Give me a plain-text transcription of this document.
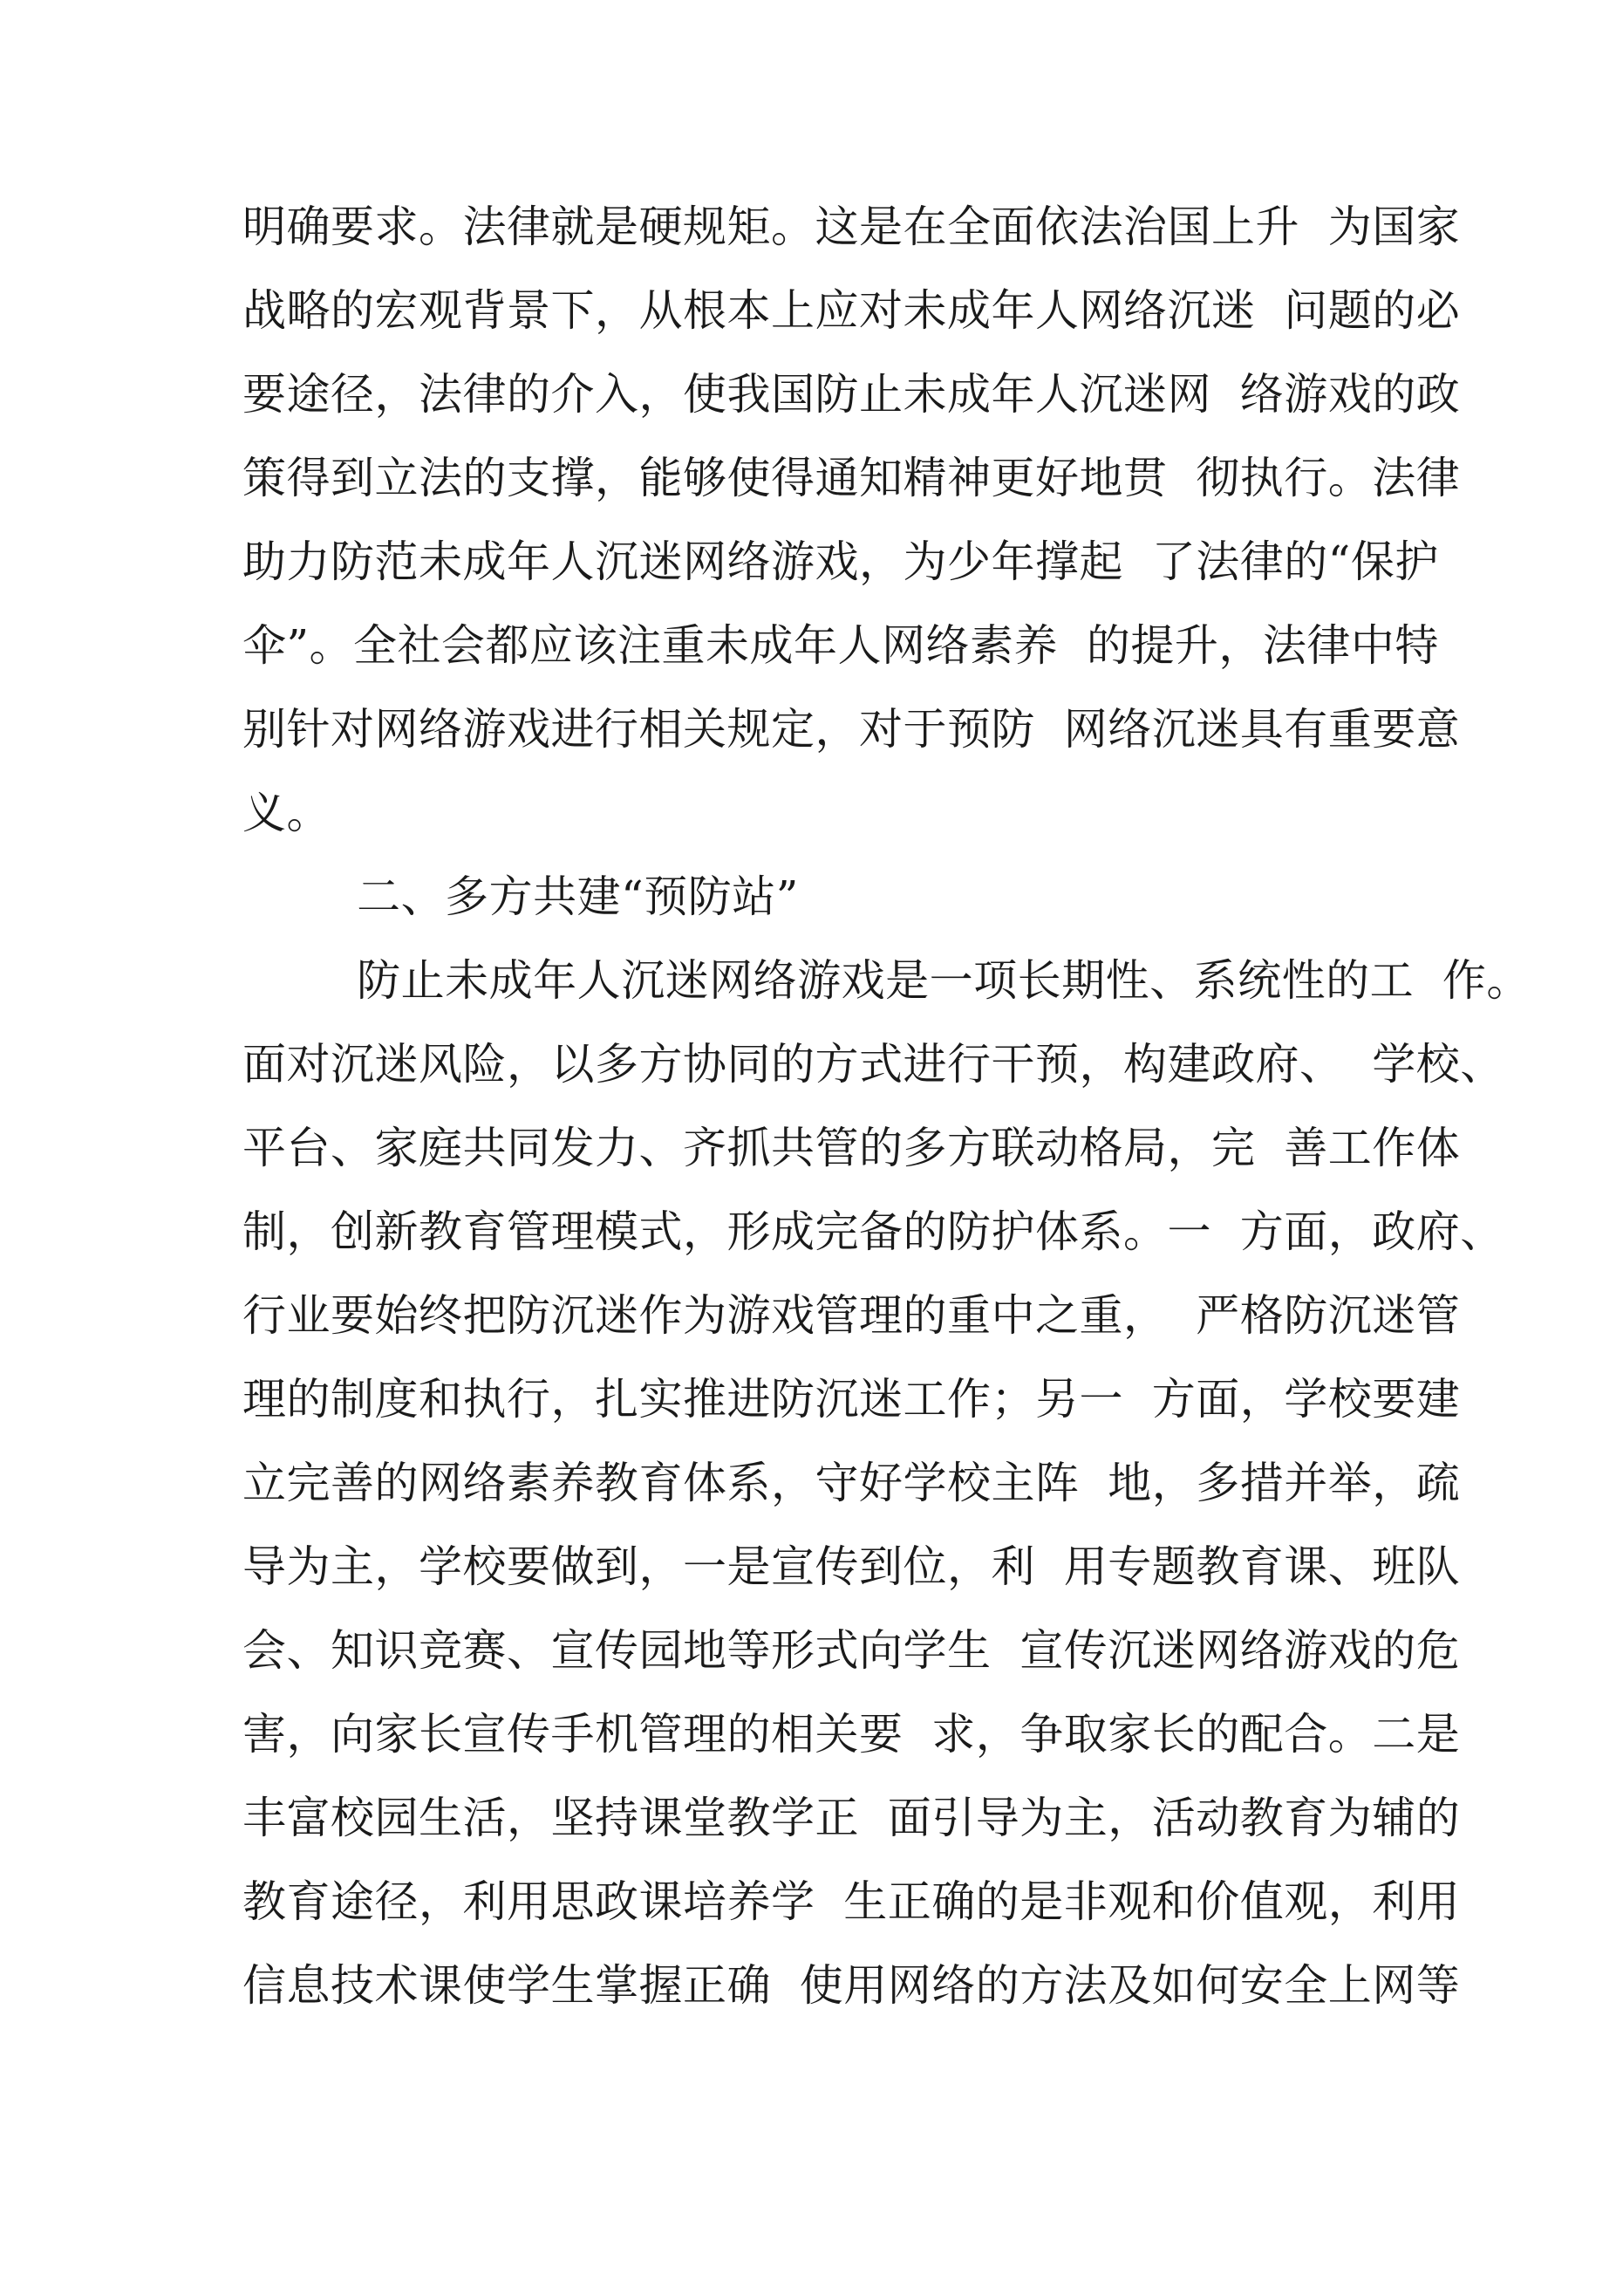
明确要求。法律就是硬规矩。这是在全面依法治国上升  为国家
战略的宏观背景下，从根本上应对未成年人网络沉迷  问题的必
要途径，法律的介入，使我国防止未成年人沉迷网  络游戏的政
策得到立法的支撑，能够使得通知精神更好地贯  彻执行。法律
助力防范未成年人沉迷网络游戏，为少年撑起  了法律的“保护
伞”。全社会都应该注重未成年人网络素养  的提升，法律中特
别针对网络游戏进行相关规定，对于预防  网络沉迷具有重要意
义。
二、多方共建“预防站”
防止未成年人沉迷网络游戏是一项长期性、系统性的工  作。
面对沉迷风险，以多方协同的方式进行干预，构建政府、  学校、
平台、家庭共同发力、齐抓共管的多方联动格局，完  善工作体
制，创新教育管理模式，形成完备的防护体系。一  方面，政府、
行业要始终把防沉迷作为游戏管理的重中之重，  严格防沉迷管
理的制度和执行，扎实推进防沉迷工作；另一  方面，学校要建
立完善的网络素养教育体系，守好学校主阵  地，多措并举，疏
导为主，学校要做到，一是宣传到位，利  用专题教育课、班队
会、知识竞赛、宣传园地等形式向学生  宣传沉迷网络游戏的危
害，向家长宣传手机管理的相关要  求，争取家长的配合。二是
丰富校园生活，坚持课堂教学正  面引导为主，活动教育为辅的
教育途径，利用思政课培养学  生正确的是非观和价值观，利用
信息技术课使学生掌握正确  使用网络的方法及如何安全上网等
